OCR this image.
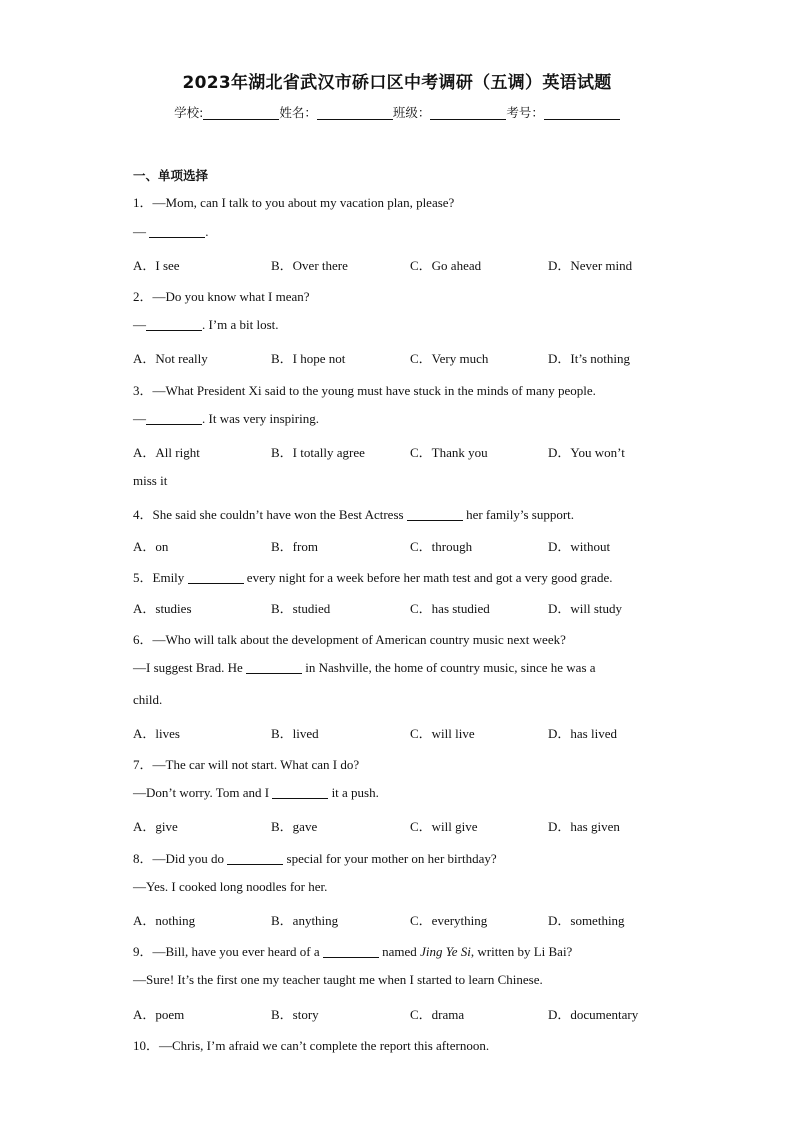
2023年湖北省武汉市硚口区中考调研（五调）英语试题
学校:	姓名：	班级：	考号：
一、单项选择
1．—Mom, can I talk to you about my vacation plan, please?
—	.
A．I see	B．Over there	C．Go ahead	D．Never mind
2．—Do you know what I mean?
—	. I’m a bit lost.
A．Not really	B．I hope not	C．Very much	D．It’s nothing
3．—What President Xi said to the young must have stuck in the minds of many people.
—	. It was very inspiring.
A．All right	B．I totally agree	C．Thank you	D．You won’t
miss it
4．She said she couldn’t have won the Best Actress	her family’s support.
A．on	B．from	C．through	D．without
5．Emily	every night for a week before her math test and got a very good grade.
A．studies	B．studied	C．has studied	D．will study
6．—Who will talk about the development of American country music next week?
—I suggest Brad. He	in Nashville, the home of country music, since he was a
child.
A．lives	B．lived	C．will live	D．has lived
7．—The car will not start. What can I do?
—Don’t worry. Tom and I	it a push.
A．give	B．gave	C．will give	D．has given
8．—Did you do	special for your mother on her birthday?
—Yes. I cooked long noodles for her.
A．nothing	B．anything	C．everything	D．something
9．—Bill, have you ever heard of a	named Jing Ye Si, written by Li Bai?
—Sure! It’s the first one my teacher taught me when I started to learn Chinese.
A．poem	B．story	C．drama	D．documentary
10．—Chris, I’m afraid we can’t complete the report this afternoon.
